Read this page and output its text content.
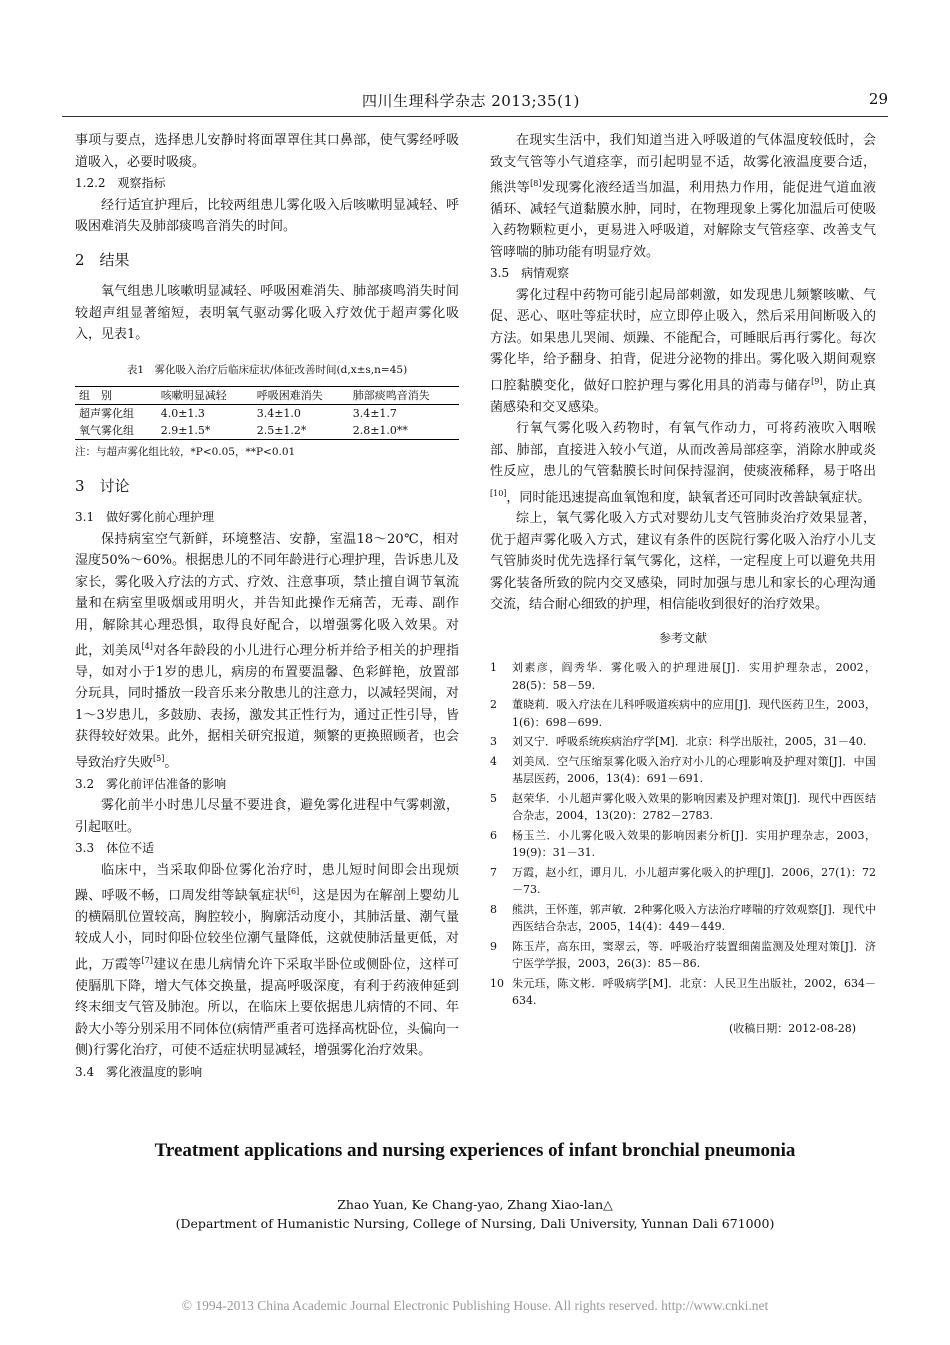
四川生理科学杂志 2013;35(1)	29

事项与要点，选择患儿安静时将面罩罩住其口鼻部，使气雾经呼吸道吸入，必要时吸痰。

1.2.2　观察指标

经行适宜护理后，比较两组患儿雾化吸入后咳嗽明显减轻、呼吸困难消失及肺部痰鸣音消失的时间。

2　结果

氧气组患儿咳嗽明显减轻、呼吸困难消失、肺部痰鸣消失时间较超声组显著缩短，表明氧气驱动雾化吸入疗效优于超声雾化吸入，见表1。

表1　雾化吸入治疗后临床症状/体征改善时间(d,x±s,n=45)
组　别	咳嗽明显减轻	呼吸困难消失	肺部痰鸣音消失
超声雾化组	4.0±1.3	3.4±1.0	3.4±1.7
氧气雾化组	2.9±1.5*	2.5±1.2*	2.8±1.0**
注：与超声雾化组比较，*P<0.05，**P<0.01

3　讨论

3.1　做好雾化前心理护理

保持病室空气新鲜，环境整洁、安静，室温18～20℃，相对湿度50%～60%。根据患儿的不同年龄进行心理护理，告诉患儿及家长，雾化吸入疗法的方式、疗效、注意事项，禁止擅自调节氧流量和在病室里吸烟或用明火，并告知此操作无痛苦，无毒、副作用，解除其心理恐惧，取得良好配合，以增强雾化吸入效果。对此，刘美凤[4]对各年龄段的小儿进行心理分析并给予相关的护理指导，如对小于1岁的患儿，病房的布置要温馨、色彩鲜艳，放置部分玩具，同时播放一段音乐来分散患儿的注意力，以减轻哭闹，对1～3岁患儿，多鼓励、表扬，激发其正性行为，通过正性引导，皆获得较好效果。此外，据相关研究报道，频繁的更换照顾者，也会导致治疗失败[5]。

3.2　雾化前评估准备的影响

雾化前半小时患儿尽量不要进食，避免雾化进程中气雾刺激，引起呕吐。

3.3　体位不适

临床中，当采取仰卧位雾化治疗时，患儿短时间即会出现烦躁、呼吸不畅，口周发绀等缺氧症状[6]，这是因为在解剖上婴幼儿的横隔肌位置较高，胸腔较小，胸廓活动度小，其肺活量、潮气量较成人小，同时仰卧位较坐位潮气量降低，这就使肺活量更低，对此，万霞等[7]建议在患儿病情允许下采取半卧位或侧卧位，这样可使膈肌下降，增大气体交换量，提高呼吸深度，有利于药液伸延到终末细支气管及肺泡。所以，在临床上要依据患儿病情的不同、年龄大小等分别采用不同体位(病情严重者可选择高枕卧位，头偏向一侧)行雾化治疗，可使不适症状明显减轻，增强雾化治疗效果。

3.4　雾化液温度的影响

在现实生活中，我们知道当进入呼吸道的气体温度较低时，会致支气管等小气道痉挛，而引起明显不适，故雾化液温度要合适，熊洪等[8]发现雾化液经适当加温，利用热力作用，能促进气道血液循环、减轻气道黏膜水肿，同时，在物理现象上雾化加温后可使吸入药物颗粒更小，更易进入呼吸道，对解除支气管痉挛、改善支气管哮喘的肺功能有明显疗效。

3.5　病情观察

雾化过程中药物可能引起局部刺激，如发现患儿频繁咳嗽、气促、恶心、呕吐等症状时，应立即停止吸入，然后采用间断吸入的方法。如果患儿哭闹、烦躁、不能配合，可睡眠后再行雾化。每次雾化毕，给予翻身、拍背，促进分泌物的排出。雾化吸入期间观察口腔黏膜变化，做好口腔护理与雾化用具的消毒与储存[9]，防止真菌感染和交叉感染。

行氧气雾化吸入药物时，有氧气作动力，可将药液吹入咽喉部、肺部，直接进入较小气道，从而改善局部痉挛，消除水肿或炎性反应，患儿的气管黏膜长时间保持湿润，使痰液稀释，易于咯出[10]，同时能迅速提高血氧饱和度，缺氧者还可同时改善缺氧症状。

综上，氧气雾化吸入方式对婴幼儿支气管肺炎治疗效果显著，优于超声雾化吸入方式，建议有条件的医院行雾化吸入治疗小儿支气管肺炎时优先选择行氧气雾化，这样，一定程度上可以避免共用雾化装备所致的院内交叉感染，同时加强与患儿和家长的心理沟通交流，结合耐心细致的护理，相信能收到很好的治疗效果。

参考文献
1	刘素彦，阎秀华．雾化吸入的护理进展[J]．实用护理杂志，2002，28(5)：58－59.
2	董晓莉．吸入疗法在儿科呼吸道疾病中的应用[J]．现代医药卫生，2003，1(6)：698－699.
3	刘又宁．呼吸系统疾病治疗学[M]．北京：科学出版社，2005，31－40.
4	刘美凤．空气压缩泵雾化吸入治疗对小儿的心理影响及护理对策[J]．中国基层医药，2006，13(4)：691－691.
5	赵荣华．小儿超声雾化吸入效果的影响因素及护理对策[J]．现代中西医结合杂志，2004，13(20)：2782－2783.
6	杨玉兰．小儿雾化吸入效果的影响因素分析[J]．实用护理杂志，2003，19(9)：31－31.
7	万霞，赵小红，谭月儿．小儿超声雾化吸入的护理[J]．2006，27(1)：72－73.
8	熊洪，王怀莲，郭声敏．2种雾化吸入方法治疗哮喘的疗效观察[J]．现代中西医结合杂志，2005，14(4)：449－449.
9	陈玉芹，高东田，窦翠云，等．呼吸治疗装置细菌监测及处理对策[J]．济宁医学学报，2003，26(3)：85－86.
10 朱元珏，陈文彬．呼吸病学[M]．北京：人民卫生出版社，2002，634－634.
(收稿日期：2012-08-28)
Treatment applications and nursing experiences of infant bronchial pneumonia
Zhao Yuan, Ke Chang-yao, Zhang Xiao-lan△
(Department of Humanistic Nursing, College of Nursing, Dali University, Yunnan Dali 671000)
© 1994-2013 China Academic Journal Electronic Publishing House. All rights reserved. http://www.cnki.net
